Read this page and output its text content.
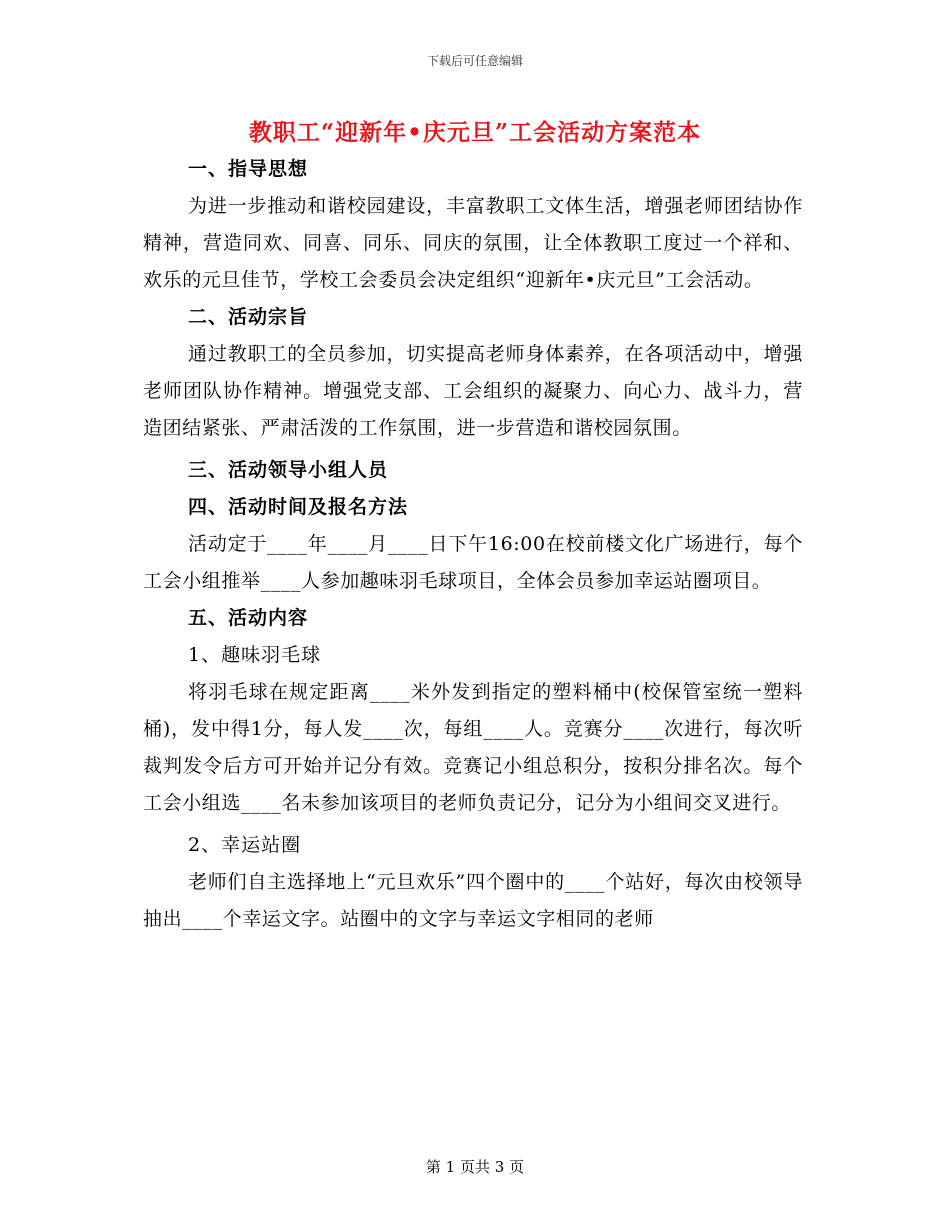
下载后可任意编辑
教职工“迎新年•庆元旦”工会活动方案范本
一、指导思想
为进一步推动和谐校园建设，丰富教职工文体生活，增强老师团结协作精神，营造同欢、同喜、同乐、同庆的氛围，让全体教职工度过一个祥和、欢乐的元旦佳节，学校工会委员会决定组织“迎新年•庆元旦”工会活动。
二、活动宗旨
通过教职工的全员参加，切实提高老师身体素养，在各项活动中，增强老师团队协作精神。增强党支部、工会组织的凝聚力、向心力、战斗力，营造团结紧张、严肃活泼的工作氛围，进一步营造和谐校园氛围。
三、活动领导小组人员
四、活动时间及报名方法
活动定于____年____月____日下午16:00在校前楼文化广场进行，每个工会小组推举____人参加趣味羽毛球项目，全体会员参加幸运站圈项目。
五、活动内容
1、趣味羽毛球
将羽毛球在规定距离____米外发到指定的塑料桶中(校保管室统一塑料桶)，发中得1分，每人发____次，每组____人。竞赛分____次进行，每次听裁判发令后方可开始并记分有效。竞赛记小组总积分，按积分排名次。每个工会小组选____名未参加该项目的老师负责记分，记分为小组间交叉进行。
2、幸运站圈
老师们自主选择地上“元旦欢乐”四个圈中的____个站好，每次由校领导抽出____个幸运文字。站圈中的文字与幸运文字相同的老师
第 1 页共 3 页
